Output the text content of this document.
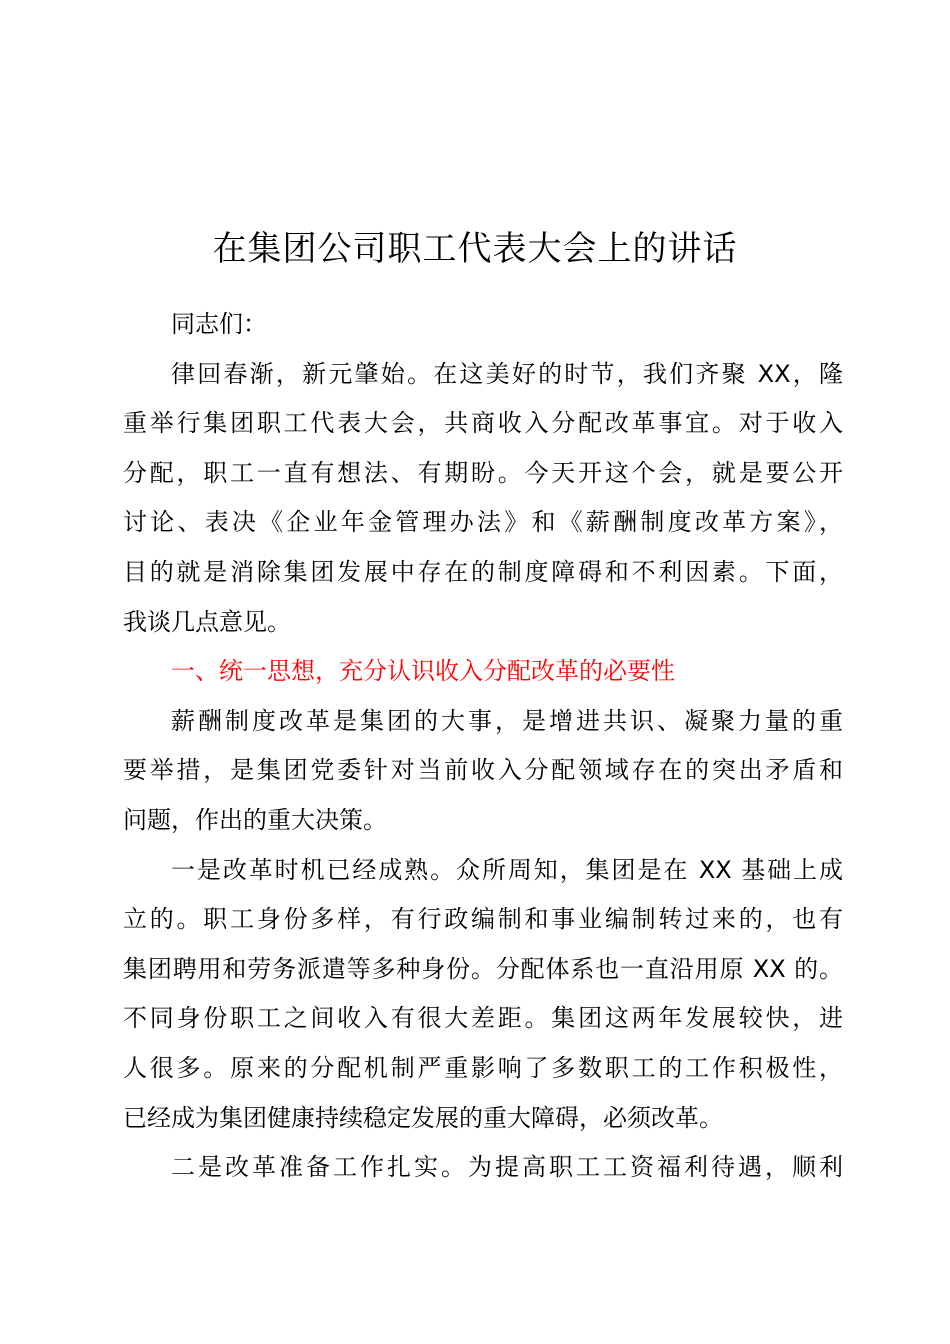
在集团公司职工代表大会上的讲话

同志们：

律回春渐，新元肇始。在这美好的时节，我们齐聚 XX，隆
重举行集团职工代表大会，共商收入分配改革事宜。对于收入
分配，职工一直有想法、有期盼。今天开这个会，就是要公开
讨论、表决《企业年金管理办法》和《薪酬制度改革方案》，
目的就是消除集团发展中存在的制度障碍和不利因素。下面，
我谈几点意见。

一、统一思想，充分认识收入分配改革的必要性

薪酬制度改革是集团的大事，是增进共识、凝聚力量的重
要举措，是集团党委针对当前收入分配领域存在的突出矛盾和
问题，作出的重大决策。

一是改革时机已经成熟。众所周知，集团是在 XX 基础上成
立的。职工身份多样，有行政编制和事业编制转过来的，也有
集团聘用和劳务派遣等多种身份。分配体系也一直沿用原 XX 的。
不同身份职工之间收入有很大差距。集团这两年发展较快，进
人很多。原来的分配机制严重影响了多数职工的工作积极性，
已经成为集团健康持续稳定发展的重大障碍，必须改革。

二是改革准备工作扎实。为提高职工工资福利待遇，顺利
